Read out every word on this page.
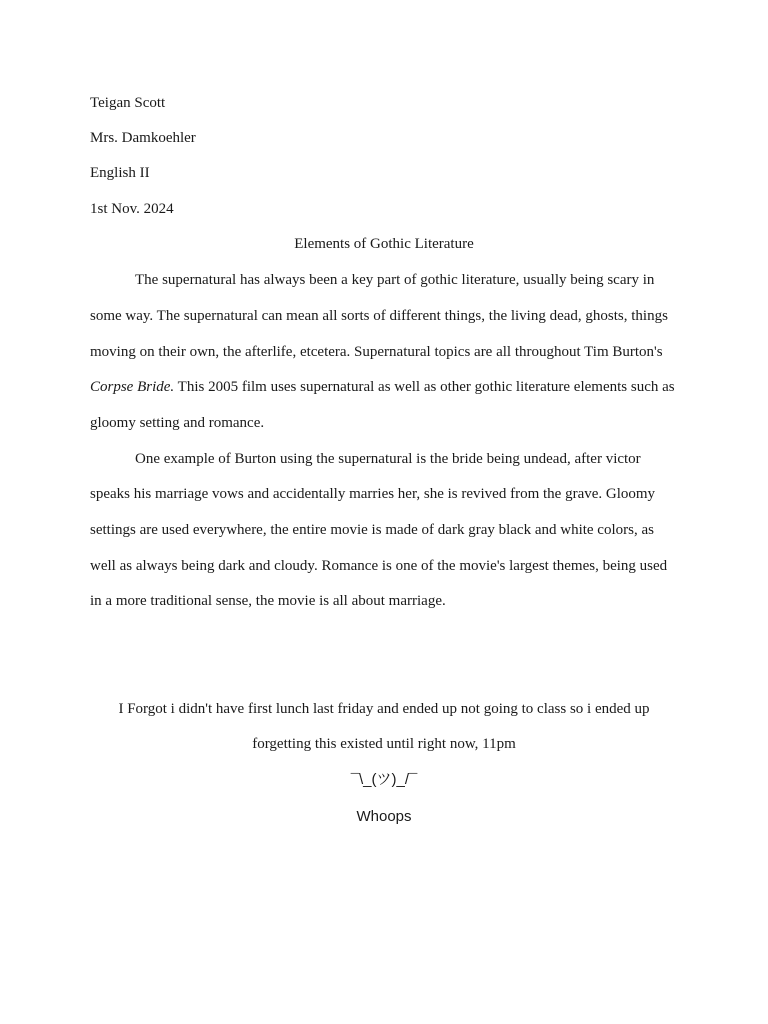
Teigan Scott
Mrs. Damkoehler
English II
1st Nov. 2024
Elements of Gothic Literature
The supernatural has always been a key part of gothic literature, usually being scary in
some way. The supernatural can mean all sorts of different things, the living dead, ghosts, things
moving on their own, the afterlife, etcetera. Supernatural topics are all throughout Tim Burton's
Corpse Bride. This 2005 film uses supernatural as well as other gothic literature elements such as
gloomy setting and romance.
One example of Burton using the supernatural is the bride being undead, after victor
speaks his marriage vows and accidentally marries her, she is revived from the grave. Gloomy
settings are used everywhere, the entire movie is made of dark gray black and white colors, as
well as always being dark and cloudy. Romance is one of the movie's largest themes, being used
in a more traditional sense, the movie is all about marriage.
I Forgot i didn't have first lunch last friday and ended up not going to class so i ended up
forgetting this existed until right now, 11pm
¯\_(ツ)_/¯
Whoops
